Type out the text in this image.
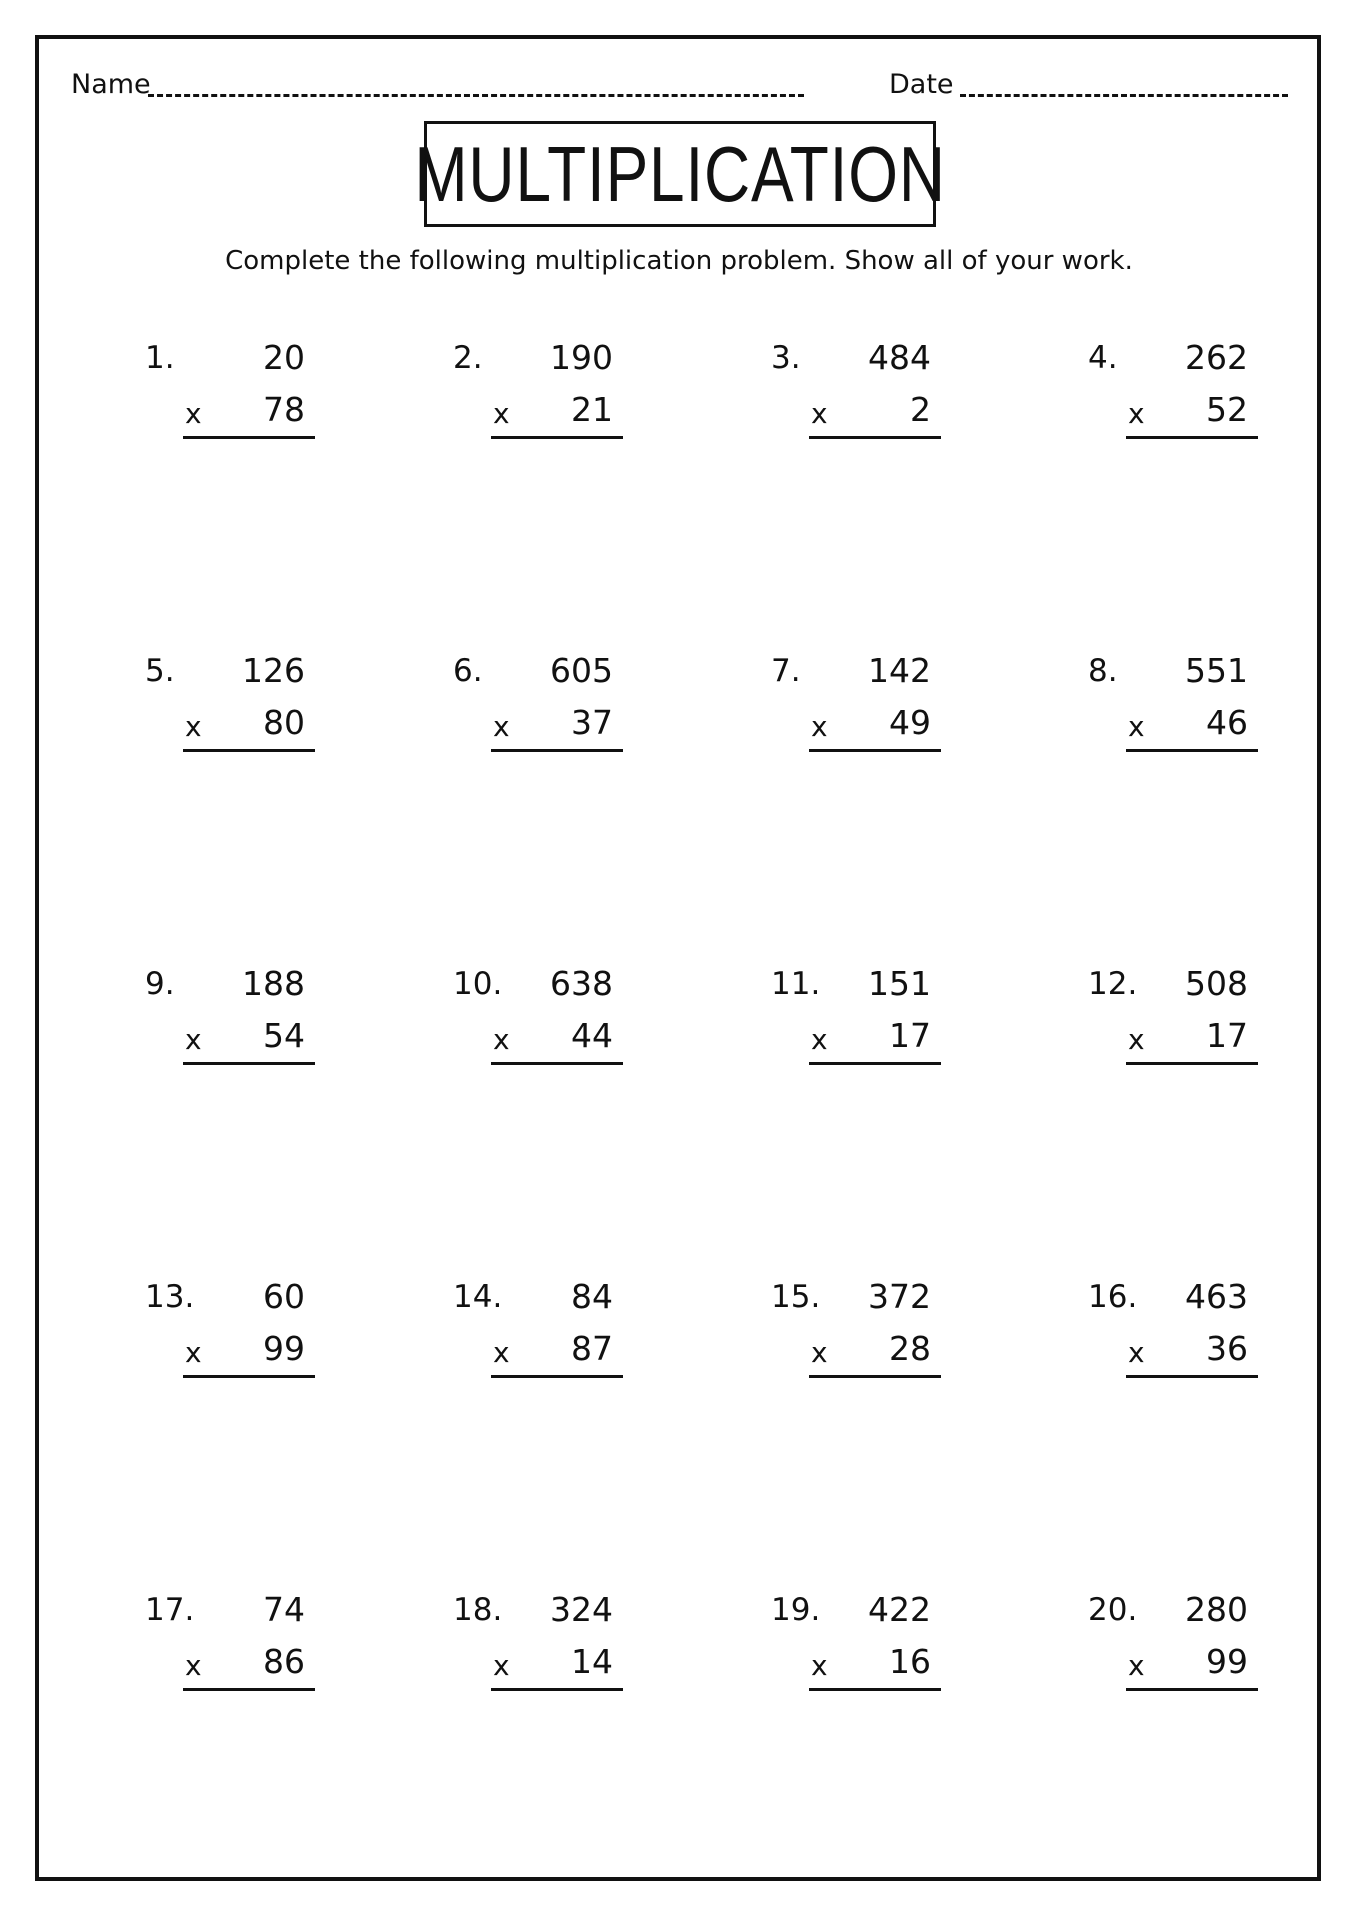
Name	Date
MULTIPLICATION
Complete the following multiplication problem. Show all of your work.
1.	20
x 78
2. 190
x 21
3. 484
x 2
4. 262
x 52
5. 126
x 80
6. 605
x 37
7. 142
x 49
8. 551
x 46
9. 188
x 54
10. 638
x 44
11. 151
x 17
12. 508
x 17
13. 60
x 99
14. 84
x 87
15. 372
x 28
16. 463
x 36
17. 74
x 86
18. 324
x 14
19. 422
x 16
20. 280
x 99
